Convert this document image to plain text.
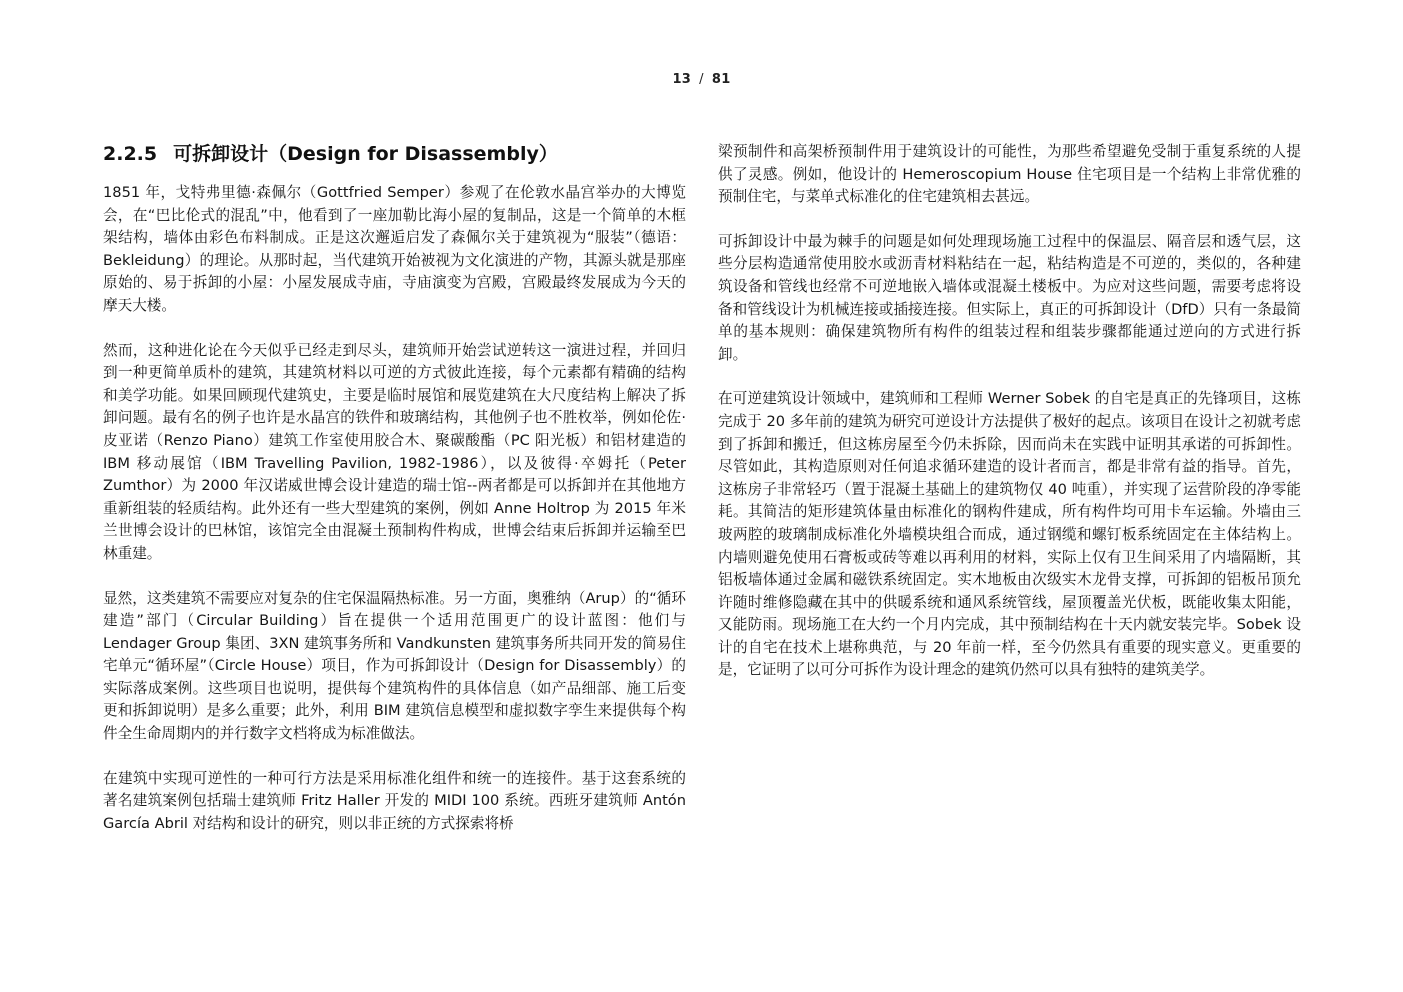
13 / 81
2.2.5 可拆卸设计（Design for Disassembly）

1851 年，戈特弗里德·森佩尔（Gottfried Semper）参观了在伦敦水晶宫举办的大博览会，在“巴比伦式的混乱”中，他看到了一座加勒比海小屋的复制品，这是一个简单的木框架结构，墙体由彩色布料制成。正是这次邂逅启发了森佩尔关于建筑视为“服装”（德语：Bekleidung）的理论。从那时起，当代建筑开始被视为文化演进的产物，其源头就是那座原始的、易于拆卸的小屋：小屋发展成寺庙，寺庙演变为宫殿，宫殿最终发展成为今天的摩天大楼。

然而，这种进化论在今天似乎已经走到尽头，建筑师开始尝试逆转这一演进过程，并回归到一种更简单质朴的建筑，其建筑材料以可逆的方式彼此连接，每个元素都有精确的结构和美学功能。如果回顾现代建筑史，主要是临时展馆和展览建筑在大尺度结构上解决了拆卸问题。最有名的例子也许是水晶宫的铁件和玻璃结构，其他例子也不胜枚举，例如伦佐·皮亚诺（Renzo Piano）建筑工作室使用胶合木、聚碳酸酯（PC 阳光板）和铝材建造的 IBM 移动展馆（IBM Travelling Pavilion, 1982-1986），以及彼得·卒姆托（Peter Zumthor）为 2000 年汉诺威世博会设计建造的瑞士馆--两者都是可以拆卸并在其他地方重新组装的轻质结构。此外还有一些大型建筑的案例，例如 Anne Holtrop 为 2015 年米兰世博会设计的巴林馆，该馆完全由混凝土预制构件构成，世博会结束后拆卸并运输至巴林重建。

显然，这类建筑不需要应对复杂的住宅保温隔热标准。另一方面，奥雅纳（Arup）的“循环建造”部门（Circular Building）旨在提供一个适用范围更广的设计蓝图：他们与 Lendager Group 集团、3XN 建筑事务所和 Vandkunsten 建筑事务所共同开发的简易住宅单元“循环屋”（Circle House）项目，作为可拆卸设计（Design for Disassembly）的实际落成案例。这些项目也说明，提供每个建筑构件的具体信息（如产品细部、施工后变更和拆卸说明）是多么重要；此外，利用 BIM 建筑信息模型和虚拟数字孪生来提供每个构件全生命周期内的并行数字文档将成为标准做法。

在建筑中实现可逆性的一种可行方法是采用标准化组件和统一的连接件。基于这套系统的著名建筑案例包括瑞士建筑师 Fritz Haller 开发的 MIDI 100 系统。西班牙建筑师 Antón García Abril 对结构和设计的研究，则以非正统的方式探索将桥

梁预制件和高架桥预制件用于建筑设计的可能性，为那些希望避免受制于重复系统的人提供了灵感。例如，他设计的 Hemeroscopium House 住宅项目是一个结构上非常优雅的预制住宅，与菜单式标准化的住宅建筑相去甚远。

可拆卸设计中最为棘手的问题是如何处理现场施工过程中的保温层、隔音层和透气层，这些分层构造通常使用胶水或沥青材料粘结在一起，粘结构造是不可逆的，类似的，各种建筑设备和管线也经常不可逆地嵌入墙体或混凝土楼板中。为应对这些问题，需要考虑将设备和管线设计为机械连接或插接连接。但实际上，真正的可拆卸设计（DfD）只有一条最简单的基本规则：确保建筑物所有构件的组装过程和组装步骤都能通过逆向的方式进行拆卸。

在可逆建筑设计领域中，建筑师和工程师 Werner Sobek 的自宅是真正的先锋项目，这栋完成于 20 多年前的建筑为研究可逆设计方法提供了极好的起点。该项目在设计之初就考虑到了拆卸和搬迁，但这栋房屋至今仍未拆除，因而尚未在实践中证明其承诺的可拆卸性。尽管如此，其构造原则对任何追求循环建造的设计者而言，都是非常有益的指导。首先，这栋房子非常轻巧（置于混凝土基础上的建筑物仅 40 吨重），并实现了运营阶段的净零能耗。其简洁的矩形建筑体量由标准化的钢构件建成，所有构件均可用卡车运输。外墙由三玻两腔的玻璃制成标准化外墙模块组合而成，通过钢缆和螺钉板系统固定在主体结构上。内墙则避免使用石膏板或砖等难以再利用的材料，实际上仅有卫生间采用了内墙隔断，其铝板墙体通过金属和磁铁系统固定。实木地板由次级实木龙骨支撑，可拆卸的铝板吊顶允许随时维修隐藏在其中的供暖系统和通风系统管线，屋顶覆盖光伏板，既能收集太阳能，又能防雨。现场施工在大约一个月内完成，其中预制结构在十天内就安装完毕。Sobek 设计的自宅在技术上堪称典范，与 20 年前一样，至今仍然具有重要的现实意义。更重要的是，它证明了以可分可拆作为设计理念的建筑仍然可以具有独特的建筑美学。
